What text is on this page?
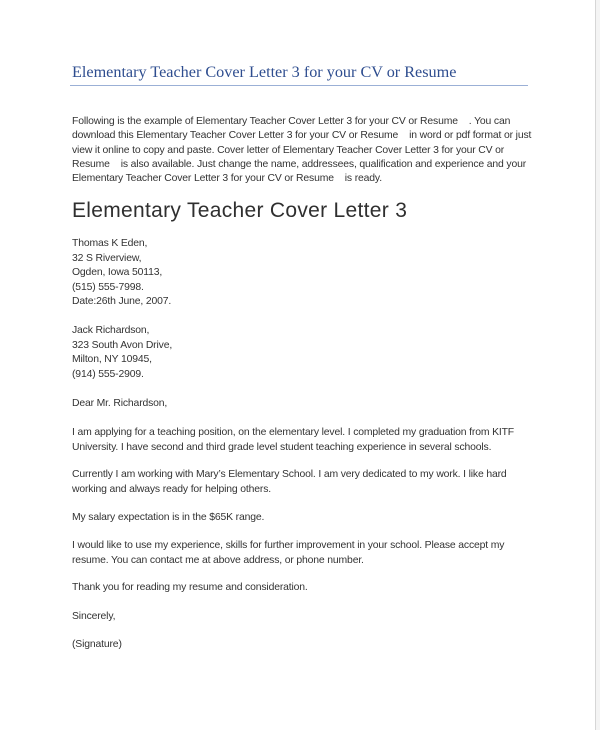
Elementary Teacher Cover Letter 3 for your CV or Resume
Following is the example of Elementary Teacher Cover Letter 3 for your CV or Resume    . You can
download this Elementary Teacher Cover Letter 3 for your CV or Resume    in word or pdf format or just
view it online to copy and paste. Cover letter of Elementary Teacher Cover Letter 3 for your CV or
Resume    is also available. Just change the name, addressees, qualification and experience and your
Elementary Teacher Cover Letter 3 for your CV or Resume    is ready.
Elementary Teacher Cover Letter 3
Thomas K Eden,
32 S Riverview,
Ogden, Iowa 50113,
(515) 555-7998.
Date:26th June, 2007.
Jack Richardson,
323 South Avon Drive,
Milton, NY 10945,
(914) 555-2909.
Dear Mr. Richardson,
I am applying for a teaching position, on the elementary level. I completed my graduation from KITF
University. I have second and third grade level student teaching experience in several schools.
Currently I am working with Mary’s Elementary School. I am very dedicated to my work. I like hard
working and always ready for helping others.
My salary expectation is in the $65K range.
I would like to use my experience, skills for further improvement in your school. Please accept my
resume. You can contact me at above address, or phone number.
Thank you for reading my resume and consideration.
Sincerely,
(Signature)
